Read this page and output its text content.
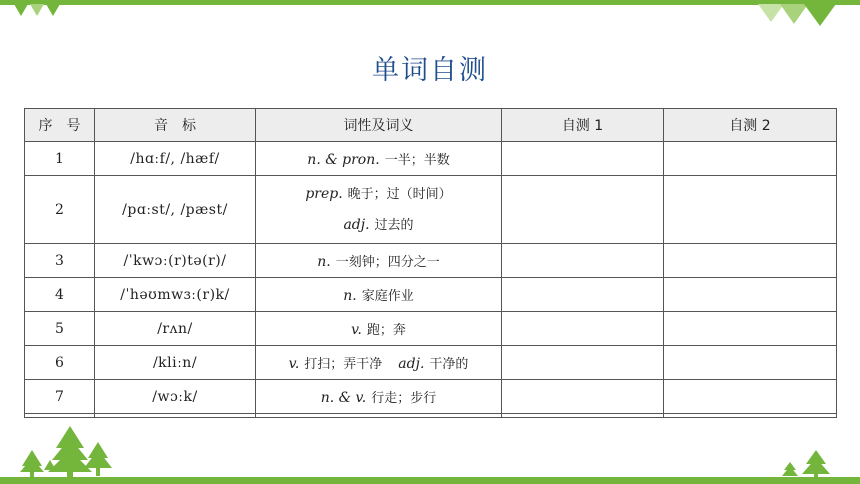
单词自测
序　号	音　标	词性及词义	自测 1	自测 2
1	/hɑːf/, /hæf/	n. & pron. 一半；半数		
2	/pɑːst/, /pæst/	prep. 晚于；过（时间）
adj. 过去的		

3	/ˈkwɔː(r)tə(r)/	n. 一刻钟；四分之一		
4	/ˈhəʊmwɜː(r)k/	n. 家庭作业		
5	/rʌn/	v. 跑；奔		
6	/kliːn/	v. 打扫；弄干净 adj. 干净的		
7	/wɔːk/	n. & v. 行走；步行		
